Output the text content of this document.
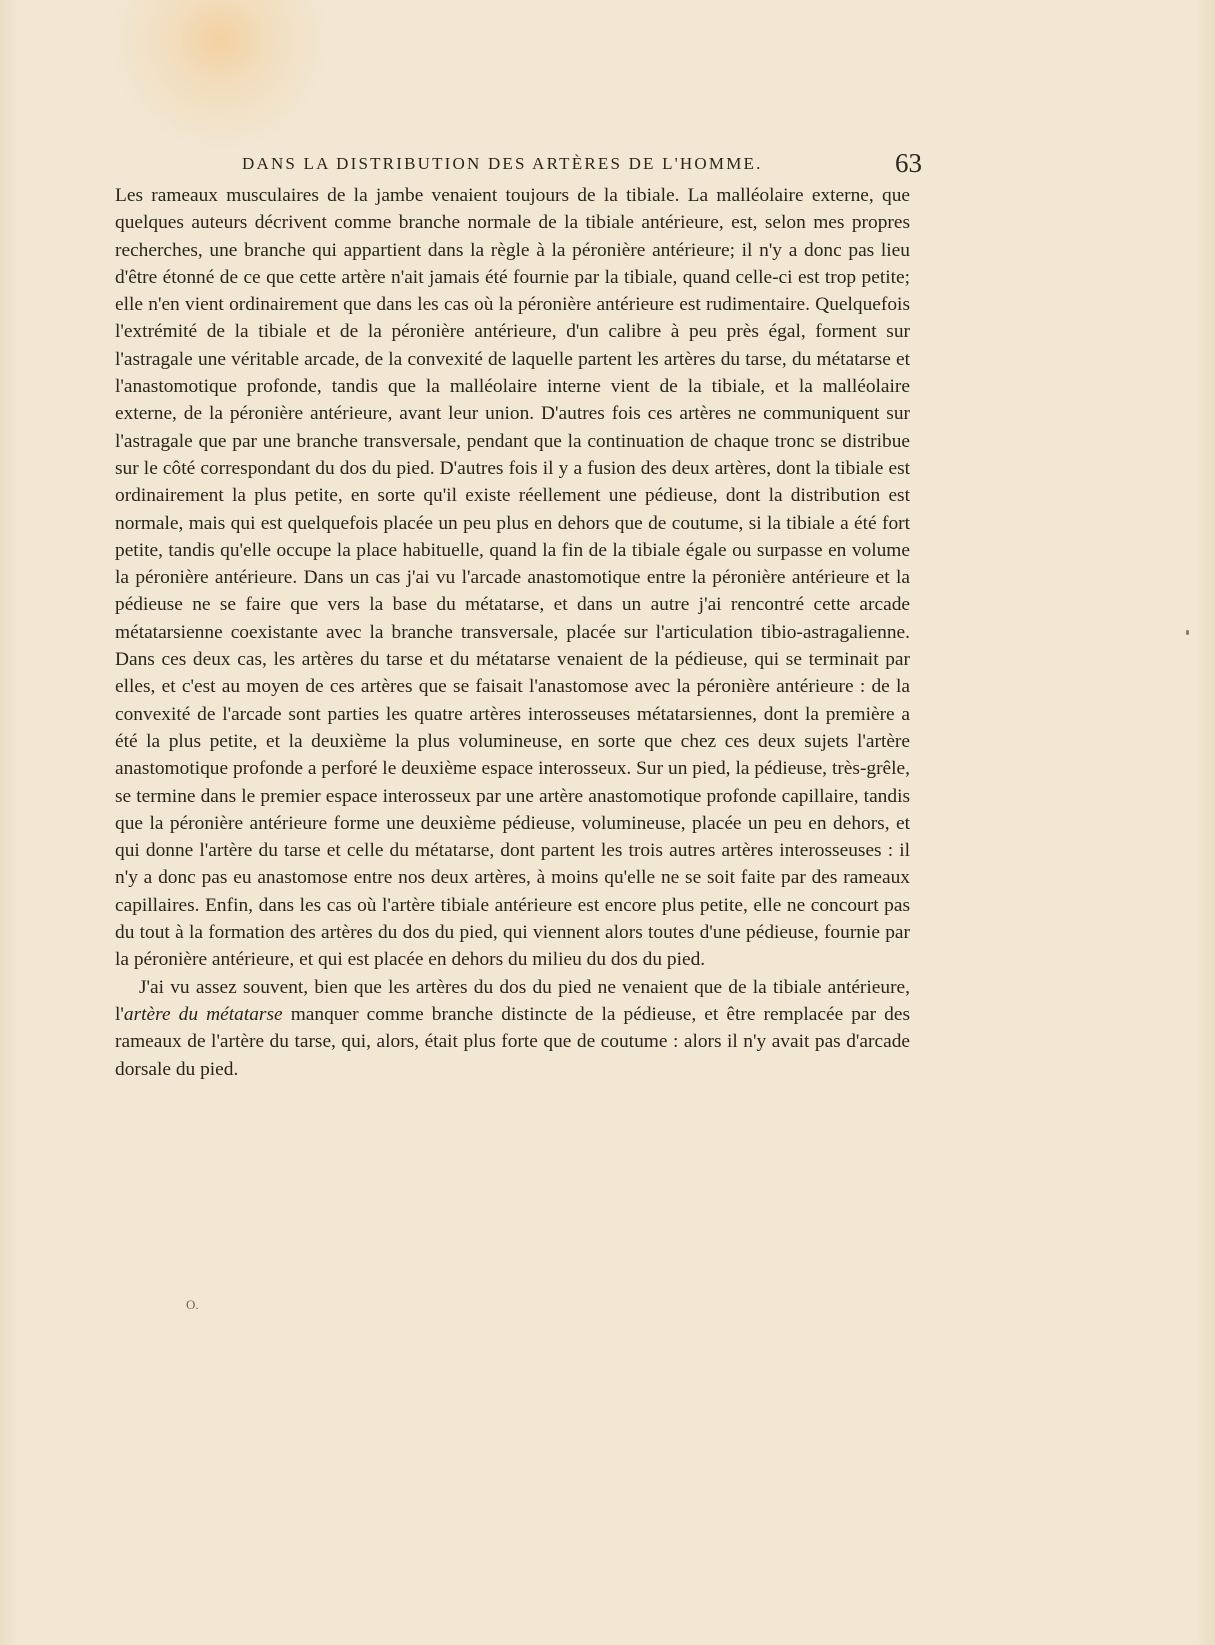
DANS LA DISTRIBUTION DES ARTÈRES DE L'HOMME.	63

Les rameaux musculaires de la jambe venaient toujours de la tibiale. La malléolaire externe, que quelques auteurs décrivent comme branche normale de la tibiale antérieure, est, selon mes propres recherches, une branche qui appartient dans la règle à la péronière antérieure; il n'y a donc pas lieu d'être étonné de ce que cette artère n'ait jamais été fournie par la tibiale, quand celle-ci est trop petite; elle n'en vient ordinairement que dans les cas où la péronière antérieure est rudimentaire. Quelquefois l'extrémité de la tibiale et de la péronière antérieure, d'un calibre à peu près égal, forment sur l'astragale une véritable arcade, de la convexité de laquelle partent les artères du tarse, du métatarse et l'anastomotique profonde, tandis que la malléolaire interne vient de la tibiale, et la malléolaire externe, de la péronière antérieure, avant leur union. D'autres fois ces artères ne communiquent sur l'astragale que par une branche transversale, pendant que la continuation de chaque tronc se distribue sur le côté correspondant du dos du pied. D'autres fois il y a fusion des deux artères, dont la tibiale est ordinairement la plus petite, en sorte qu'il existe réellement une pédieuse, dont la distribution est normale, mais qui est quelquefois placée un peu plus en dehors que de coutume, si la tibiale a été fort petite, tandis qu'elle occupe la place habituelle, quand la fin de la tibiale égale ou surpasse en volume la péronière antérieure. Dans un cas j'ai vu l'arcade anastomotique entre la péronière antérieure et la pédieuse ne se faire que vers la base du métatarse, et dans un autre j'ai rencontré cette arcade métatarsienne coexistante avec la branche transversale, placée sur l'articulation tibio-astragalienne. Dans ces deux cas, les artères du tarse et du métatarse venaient de la pédieuse, qui se terminait par elles, et c'est au moyen de ces artères que se faisait l'anastomose avec la péronière antérieure : de la convexité de l'arcade sont parties les quatre artères interosseuses métatarsiennes, dont la première a été la plus petite, et la deuxième la plus volumineuse, en sorte que chez ces deux sujets l'artère anastomotique profonde a perforé le deuxième espace interosseux. Sur un pied, la pédieuse, très-grêle, se termine dans le premier espace interosseux par une artère anastomotique profonde capillaire, tandis que la péronière antérieure forme une deuxième pédieuse, volumineuse, placée un peu en dehors, et qui donne l'artère du tarse et celle du métatarse, dont partent les trois autres artères interosseuses : il n'y a donc pas eu anastomose entre nos deux artères, à moins qu'elle ne se soit faite par des rameaux capillaires. Enfin, dans les cas où l'artère tibiale antérieure est encore plus petite, elle ne concourt pas du tout à la formation des artères du dos du pied, qui viennent alors toutes d'une pédieuse, fournie par la péronière antérieure, et qui est placée en dehors du milieu du dos du pied.

J'ai vu assez souvent, bien que les artères du dos du pied ne venaient que de la tibiale antérieure, l'artère du métatarse manquer comme branche distincte de la pédieuse, et être remplacée par des rameaux de l'artère du tarse, qui, alors, était plus forte que de coutume : alors il n'y avait pas d'arcade dorsale du pied.

O.
